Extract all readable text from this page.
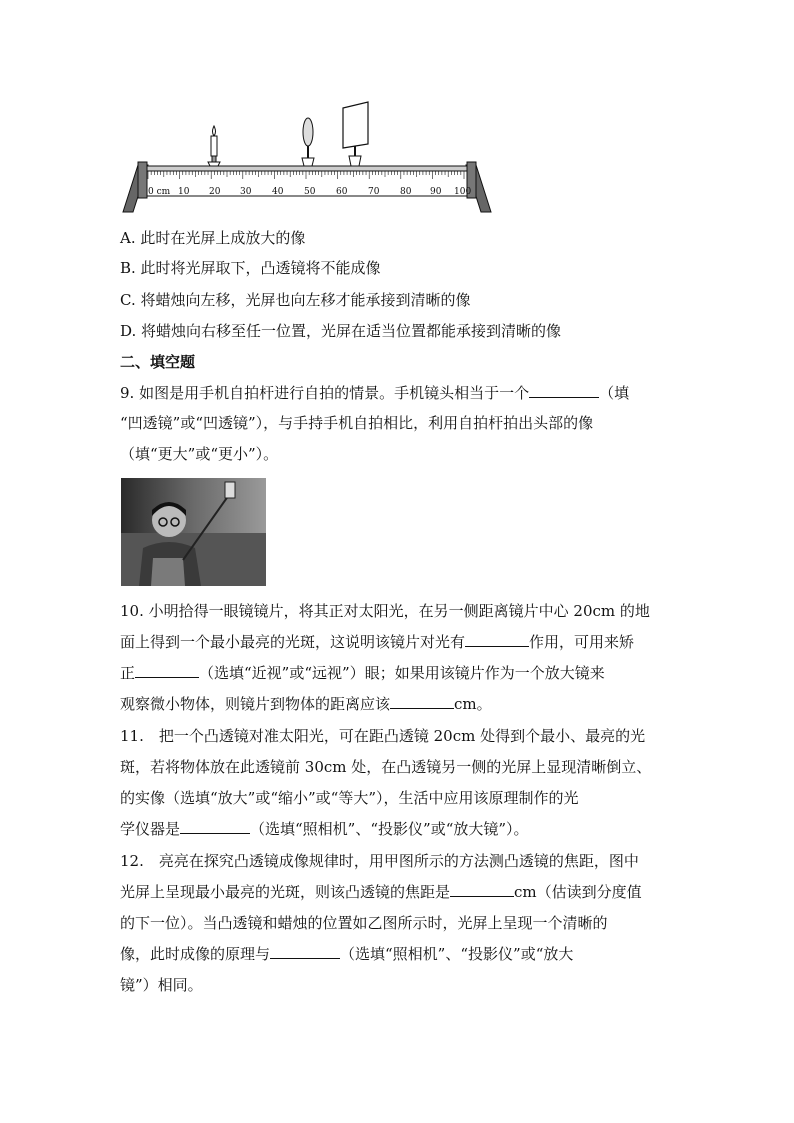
0 cm 10 20 30 40 50 60 70 80 90 100
A. 此时在光屏上成放大的像
B. 此时将光屏取下，凸透镜将不能成像
C. 将蜡烛向左移，光屏也向左移才能承接到清晰的像
D. 将蜡烛向右移至任一位置，光屏在适当位置都能承接到清晰的像
二、填空题
9. 如图是用手机自拍杆进行自拍的情景。手机镜头相当于一个	（填
“凹透镜”或“凹透镜”），与手持手机自拍相比，利用自拍杆拍出头部的像
（填“更大”或“更小”）。
10. 小明拾得一眼镜镜片，将其正对太阳光，在另一侧距离镜片中心 20cm 的地
面上得到一个最小最亮的光斑，这说明该镜片对光有	作用，可用来矫
正	（选填“近视”或“远视”）眼；如果用该镜片作为一个放大镜来
观察微小物体，则镜片到物体的距离应该	cm。
11.　把一个凸透镜对准太阳光，可在距凸透镜 20cm 处得到个最小、最亮的光
斑，若将物体放在此透镜前 30cm 处，在凸透镜另一侧的光屏上显现清晰倒立、
的实像（选填“放大”或“缩小”或“等大”），生活中应用该原理制作的光
学仪器是	（选填“照相机”、“投影仪”或“放大镜”）。
12.　亮亮在探究凸透镜成像规律时，用甲图所示的方法测凸透镜的焦距，图中
光屏上呈现最小最亮的光斑，则该凸透镜的焦距是	cm（估读到分度值
的下一位）。当凸透镜和蜡烛的位置如乙图所示时，光屏上呈现一个清晰的
像，此时成像的原理与	（选填“照相机”、“投影仪”或“放大
镜”）相同。
